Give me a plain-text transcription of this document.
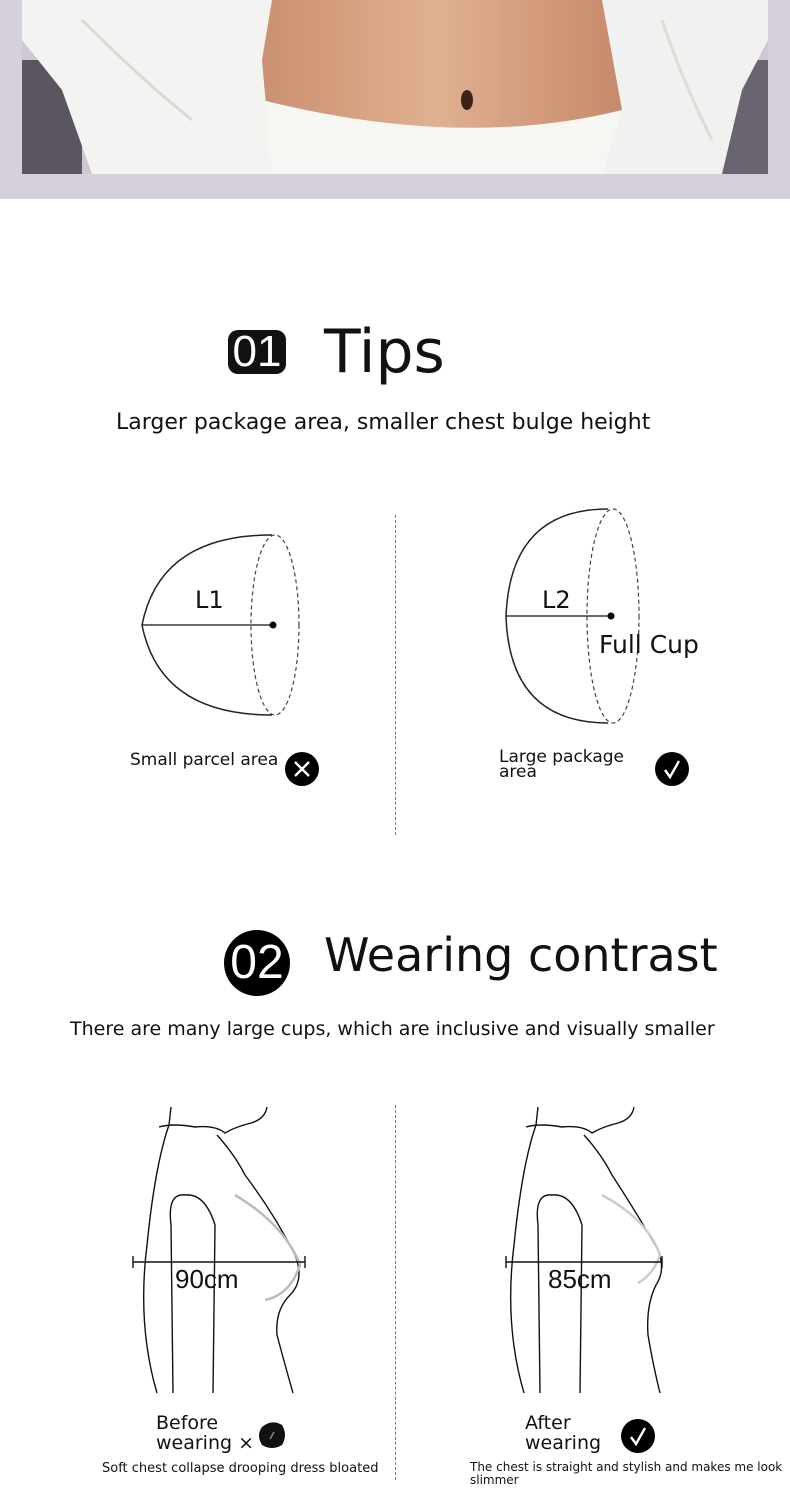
01 Tips
Larger package area, smaller chest bulge height
L1	L2
Full Cup
Small parcel area	Large package
area
02 Wearing contrast
There are many large cups, which are inclusive and visually smaller
90cm	85cm
Before
wearing ×
Soft chest collapse drooping dress bloated
After
wearing
The chest is straight and stylish and makes me look
slimmer
